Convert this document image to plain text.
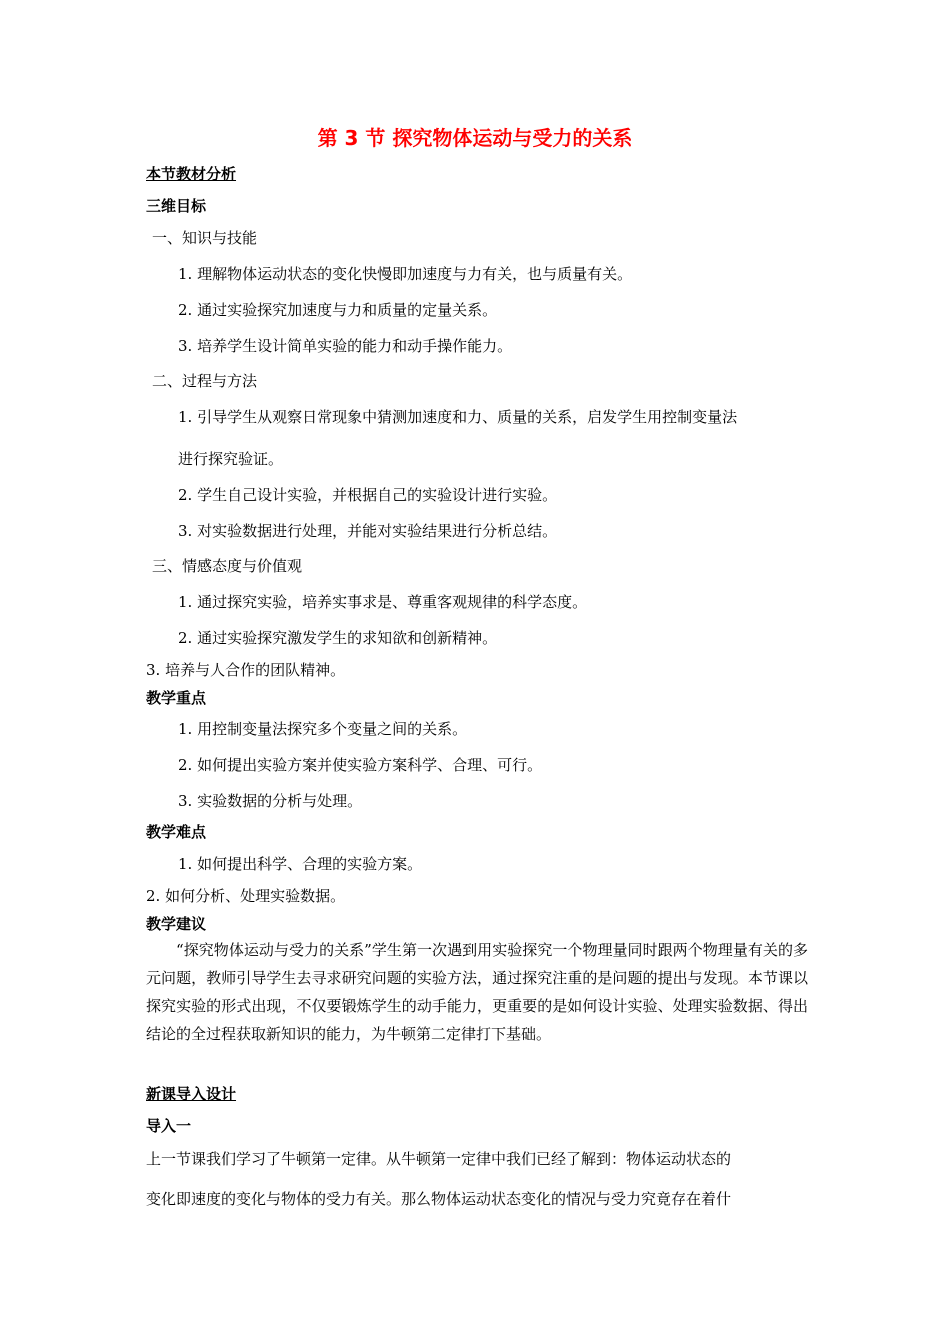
第 3 节 探究物体运动与受力的关系
本节教材分析
三维目标
一、知识与技能
1. 理解物体运动状态的变化快慢即加速度与力有关，也与质量有关。
2. 通过实验探究加速度与力和质量的定量关系。
3. 培养学生设计简单实验的能力和动手操作能力。
二、过程与方法
1. 引导学生从观察日常现象中猜测加速度和力、质量的关系，启发学生用控制变量法
进行探究验证。
2. 学生自己设计实验，并根据自己的实验设计进行实验。
3. 对实验数据进行处理，并能对实验结果进行分析总结。
三、情感态度与价值观
1. 通过探究实验，培养实事求是、尊重客观规律的科学态度。
2. 通过实验探究激发学生的求知欲和创新精神。
3. 培养与人合作的团队精神。
教学重点
1. 用控制变量法探究多个变量之间的关系。
2. 如何提出实验方案并使实验方案科学、合理、可行。
3. 实验数据的分析与处理。
教学难点
1. 如何提出科学、合理的实验方案。
2. 如何分析、处理实验数据。
教学建议
“探究物体运动与受力的关系”学生第一次遇到用实验探究一个物理量同时跟两个物理量有关的多元问题，教师引导学生去寻求研究问题的实验方法，通过探究注重的是问题的提出与发现。本节课以探究实验的形式出现，不仅要锻炼学生的动手能力，更重要的是如何设计实验、处理实验数据、得出结论的全过程获取新知识的能力，为牛顿第二定律打下基础。
新课导入设计
导入一
上一节课我们学习了牛顿第一定律。从牛顿第一定律中我们已经了解到：物体运动状态的
变化即速度的变化与物体的受力有关。那么物体运动状态变化的情况与受力究竟存在着什
